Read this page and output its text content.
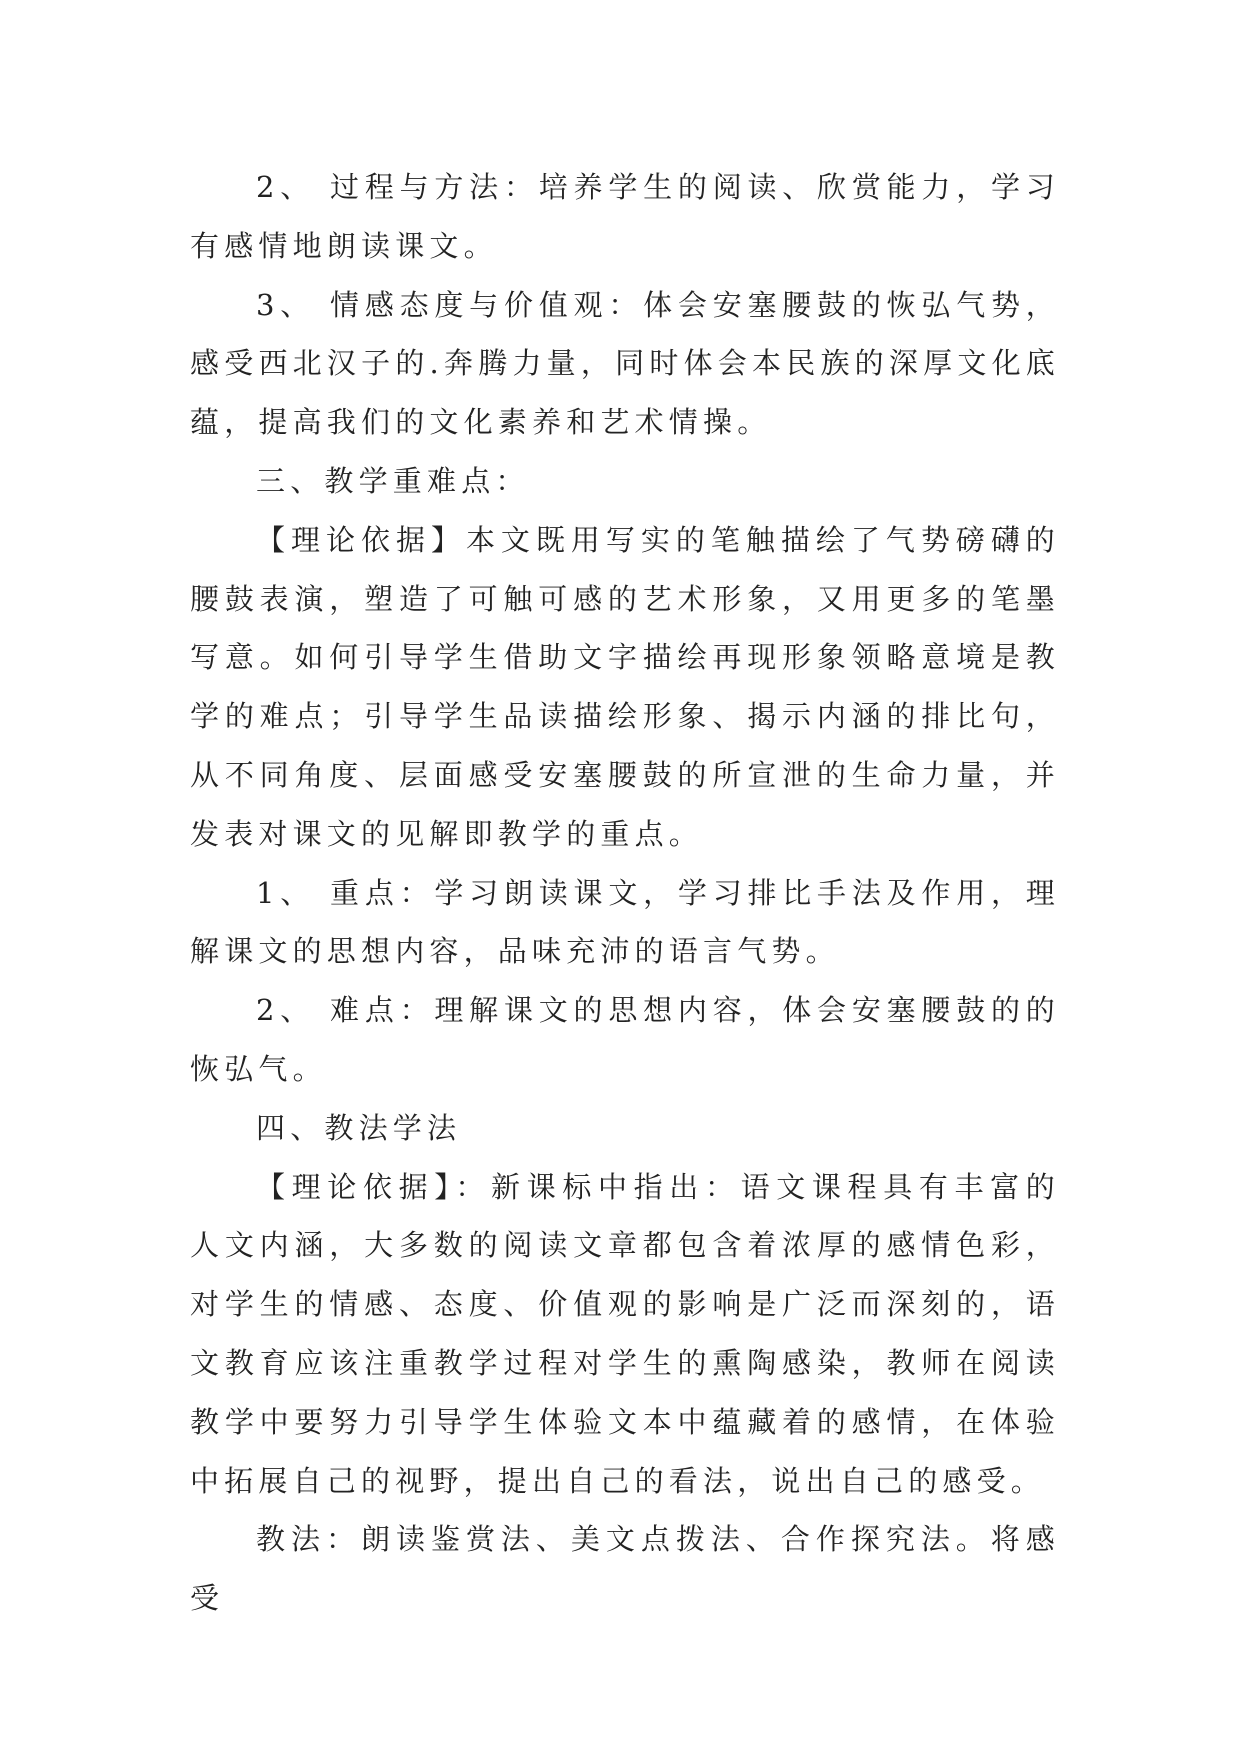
2、 过程与方法：培养学生的阅读、欣赏能力，学习有感情地朗读课文。

3、 情感态度与价值观：体会安塞腰鼓的恢弘气势，感受西北汉子的.奔腾力量，同时体会本民族的深厚文化底蕴，提高我们的文化素养和艺术情操。

三、教学重难点：

【理论依据】本文既用写实的笔触描绘了气势磅礴的腰鼓表演，塑造了可触可感的艺术形象，又用更多的笔墨写意。如何引导学生借助文字描绘再现形象领略意境是教学的难点；引导学生品读描绘形象、揭示内涵的排比句，从不同角度、层面感受安塞腰鼓的所宣泄的生命力量，并发表对课文的见解即教学的重点。

1、 重点：学习朗读课文，学习排比手法及作用，理解课文的思想内容，品味充沛的语言气势。

2、 难点：理解课文的思想内容，体会安塞腰鼓的的恢弘气。

四、教法学法

【理论依据】：新课标中指出：语文课程具有丰富的人文内涵，大多数的阅读文章都包含着浓厚的感情色彩，对学生的情感、态度、价值观的影响是广泛而深刻的，语文教育应该注重教学过程对学生的熏陶感染，教师在阅读教学中要努力引导学生体验文本中蕴藏着的感情，在体验中拓展自己的视野，提出自己的看法，说出自己的感受。

教法：朗读鉴赏法、美文点拨法、合作探究法。将感受
